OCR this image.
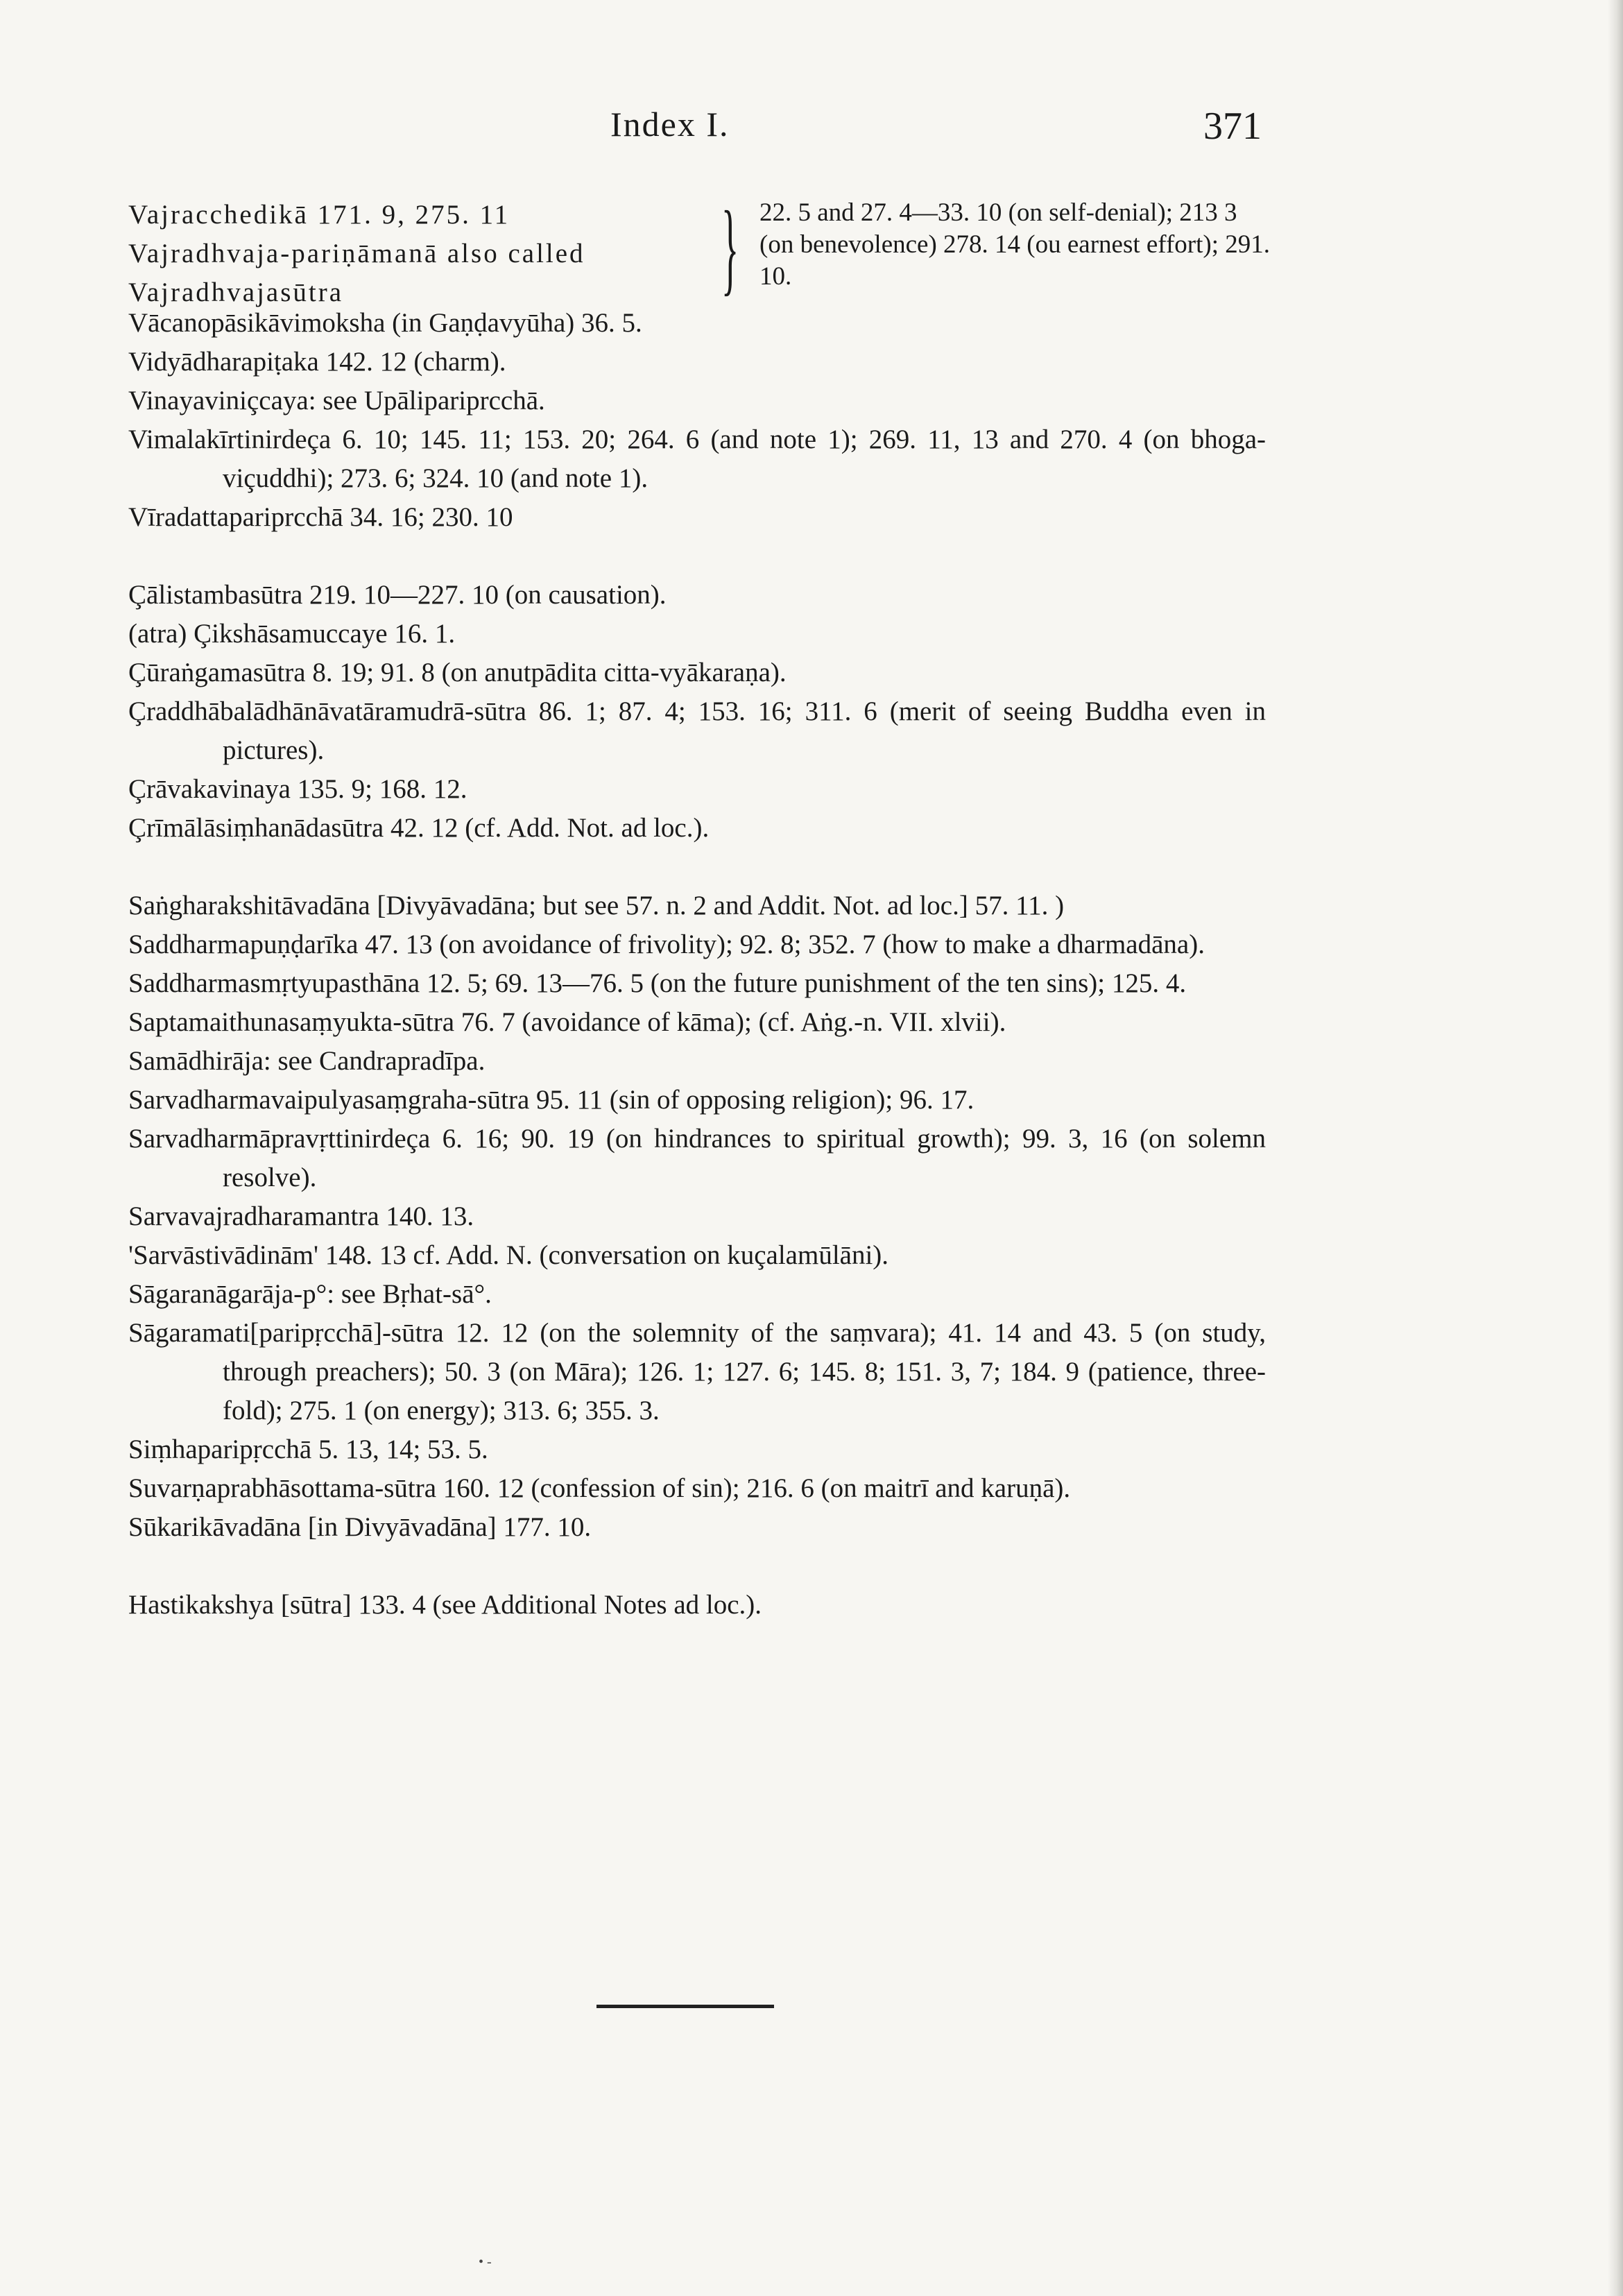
Index I.	371
Vajracchedikā 171. 9, 275. 11
Vajradhvaja-pariṇāmanā also called
Vajradhvajasūtra	} 22. 5 and 27. 4—33. 10 (on self-denial); 213 3 (on benevolence) 278. 14 (ou earnest effort); 291. 10.

Vācanopāsikāvimoksha (in Gaṇḍavyūha) 36. 5.

Vidyādharapiṭaka 142. 12 (charm).

Vinayaviniçcaya: see Upālipariprcchā.

Vimalakīrtinirdeça 6. 10; 145. 11; 153. 20; 264. 6 (and note 1); 269. 11, 13 and 270. 4 (on bhoga-viçuddhi); 273. 6; 324. 10 (and note 1).

Vīradattapariprcchā 34. 16; 230. 10

Çālistambasūtra 219. 10—227. 10 (on causation).

(atra) Çikshāsamuccaye 16. 1.

Çūraṅgamasūtra 8. 19; 91. 8 (on anutpādita citta-vyākaraṇa).

Çraddhābalādhānāvatāramudrā-sūtra 86. 1; 87. 4; 153. 16; 311. 6 (merit of seeing Buddha even in pictures).

Çrāvakavinaya 135. 9; 168. 12.

Çrīmālāsiṃhanādasūtra 42. 12 (cf. Add. Not. ad loc.).

Saṅgharakshitāvadāna [Divyāvadāna; but see 57. n. 2 and Addit. Not. ad loc.] 57. 11. )

Saddharmapuṇḍarīka 47. 13 (on avoidance of frivolity); 92. 8; 352. 7 (how to make a dharmadāna).

Saddharmasmṛtyupasthāna 12. 5; 69. 13—76. 5 (on the future punishment of the ten sins); 125. 4.

Saptamaithunasaṃyukta-sūtra 76. 7 (avoidance of kāma); (cf. Aṅg.-n. VII. xlvii).

Samādhirāja: see Candrapradīpa.

Sarvadharmavaipulyasaṃgraha-sūtra 95. 11 (sin of opposing religion); 96. 17.

Sarvadharmāpravṛttinirdeça 6. 16; 90. 19 (on hindrances to spiritual growth); 99. 3, 16 (on solemn resolve).

Sarvavajradharamantra 140. 13.

'Sarvāstivādinām' 148. 13 cf. Add. N. (conversation on kuçalamūlāni).

Sāgaranāgarāja-p°: see Bṛhat-sā°.

Sāgaramati[paripṛcchā]-sūtra 12. 12 (on the solemnity of the saṃvara); 41. 14 and 43. 5 (on study, through preachers); 50. 3 (on Māra); 126. 1; 127. 6; 145. 8; 151. 3, 7; 184. 9 (patience, three-fold); 275. 1 (on energy); 313. 6; 355. 3.

Siṃhaparipṛcchā 5. 13, 14; 53. 5.

Suvarṇaprabhāsottama-sūtra 160. 12 (confession of sin); 216. 6 (on maitrī and karuṇā).

Sūkarikāvadāna [in Divyāvadāna] 177. 10.

Hastikakshya [sūtra] 133. 4 (see Additional Notes ad loc.).

• -
